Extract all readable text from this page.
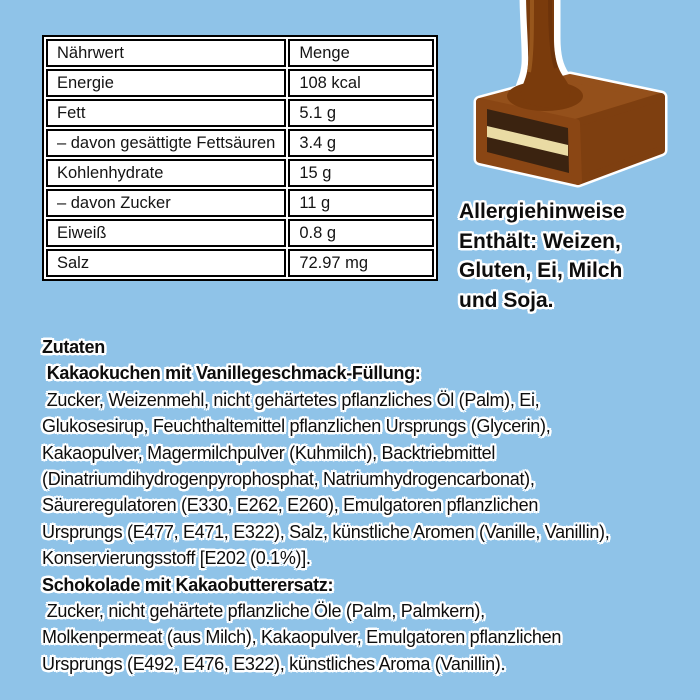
Nährwert	Menge
Energie	108 kcal
Fett	5.1 g
– davon gesättigte Fettsäuren	3.4 g
Kohlenhydrate	15 g
– davon Zucker	11 g
Eiweiß	0.8 g
Salz	72.97 mg
Allergiehinweise
Enthält: Weizen,
Gluten, Ei, Milch
und Soja.
Zutaten
Kakaokuchen mit Vanillegeschmack-Füllung:
Zucker, Weizenmehl, nicht gehärtetes pflanzliches Öl (Palm), Ei,
Glukosesirup, Feuchthaltemittel pflanzlichen Ursprungs (Glycerin),
Kakaopulver, Magermilchpulver (Kuhmilch), Backtriebmittel
(Dinatriumdihydrogenpyrophosphat, Natriumhydrogencarbonat),
Säureregulatoren (E330, E262, E260), Emulgatoren pflanzlichen
Ursprungs (E477, E471, E322), Salz, künstliche Aromen (Vanille, Vanillin),
Konservierungsstoff [E202 (0.1%)].
Schokolade mit Kakaobutterersatz:
Zucker, nicht gehärtete pflanzliche Öle (Palm, Palmkern),
Molkenpermeat (aus Milch), Kakaopulver, Emulgatoren pflanzlichen
Ursprungs (E492, E476, E322), künstliches Aroma (Vanillin).
